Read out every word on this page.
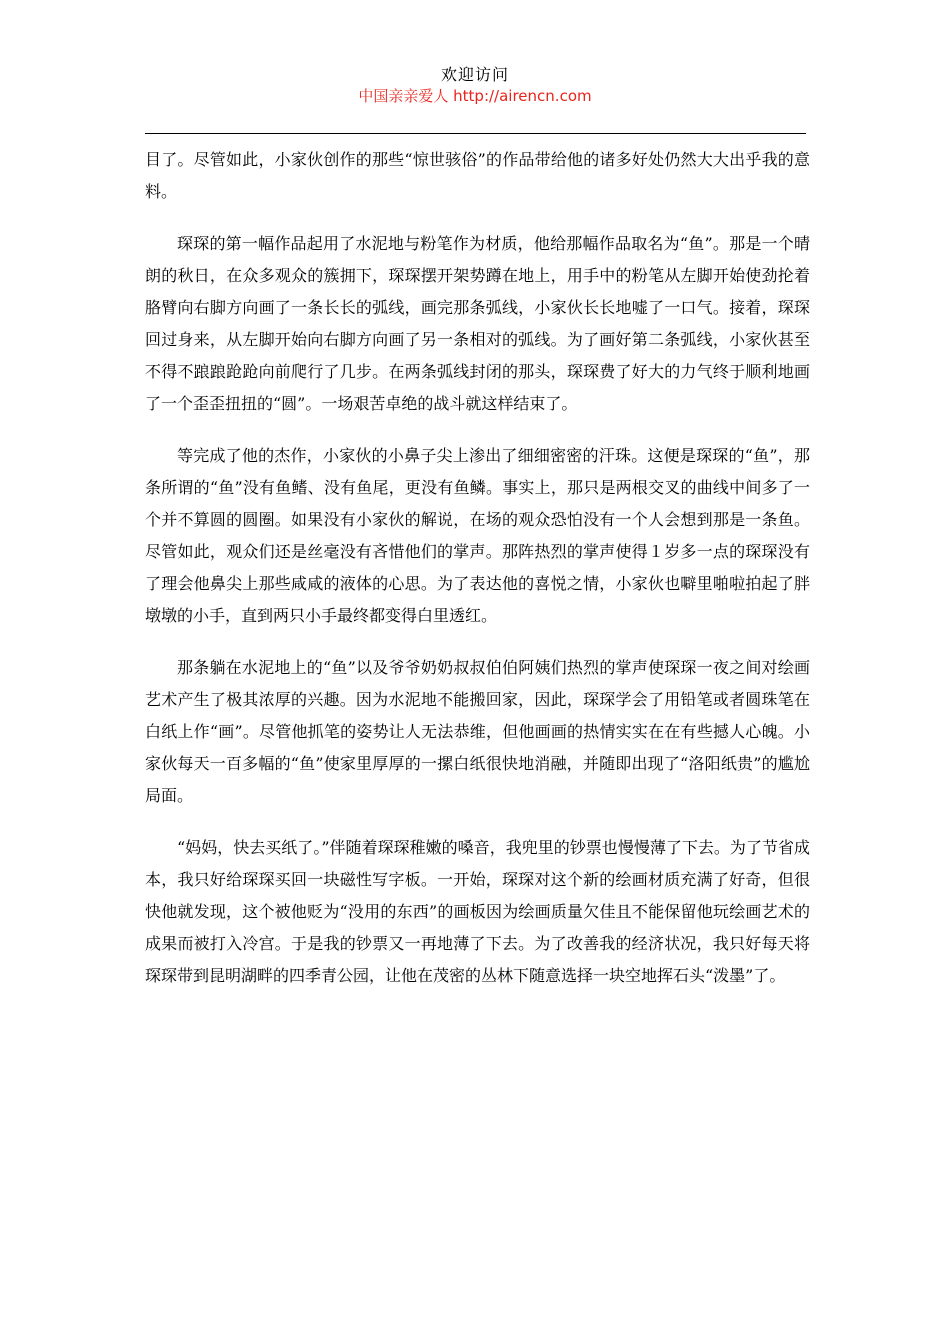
欢迎访问
中国亲亲爱人 http://airencn.com

目了。尽管如此，小家伙创作的那些“惊世骇俗”的作品带给他的诸多好处仍然大大出乎我的意料。

琛琛的第一幅作品起用了水泥地与粉笔作为材质，他给那幅作品取名为“鱼”。那是一个晴朗的秋日，在众多观众的簇拥下，琛琛摆开架势蹲在地上，用手中的粉笔从左脚开始使劲抡着胳臂向右脚方向画了一条长长的弧线，画完那条弧线，小家伙长长地嘘了一口气。接着，琛琛回过身来，从左脚开始向右脚方向画了另一条相对的弧线。为了画好第二条弧线，小家伙甚至不得不踉踉跄跄向前爬行了几步。在两条弧线封闭的那头，琛琛费了好大的力气终于顺利地画了一个歪歪扭扭的“圆”。一场艰苦卓绝的战斗就这样结束了。

等完成了他的杰作，小家伙的小鼻子尖上渗出了细细密密的汗珠。这便是琛琛的“鱼”，那条所谓的“鱼”没有鱼鳍、没有鱼尾，更没有鱼鳞。事实上，那只是两根交叉的曲线中间多了一个并不算圆的圆圈。如果没有小家伙的解说，在场的观众恐怕没有一个人会想到那是一条鱼。尽管如此，观众们还是丝毫没有吝惜他们的掌声。那阵热烈的掌声使得１岁多一点的琛琛没有了理会他鼻尖上那些咸咸的液体的心思。为了表达他的喜悦之情，小家伙也噼里啪啦拍起了胖墩墩的小手，直到两只小手最终都变得白里透红。

那条躺在水泥地上的“鱼”以及爷爷奶奶叔叔伯伯阿姨们热烈的掌声使琛琛一夜之间对绘画艺术产生了极其浓厚的兴趣。因为水泥地不能搬回家，因此，琛琛学会了用铅笔或者圆珠笔在白纸上作“画”。尽管他抓笔的姿势让人无法恭维，但他画画的热情实实在在有些撼人心魄。小家伙每天一百多幅的“鱼”使家里厚厚的一摞白纸很快地消融，并随即出现了“洛阳纸贵”的尴尬局面。

“妈妈，快去买纸了。”伴随着琛琛稚嫩的嗓音，我兜里的钞票也慢慢薄了下去。为了节省成本，我只好给琛琛买回一块磁性写字板。一开始，琛琛对这个新的绘画材质充满了好奇，但很快他就发现，这个被他贬为“没用的东西”的画板因为绘画质量欠佳且不能保留他玩绘画艺术的成果而被打入冷宫。于是我的钞票又一再地薄了下去。为了改善我的经济状况，我只好每天将琛琛带到昆明湖畔的四季青公园，让他在茂密的丛林下随意选择一块空地挥石头“泼墨”了。
